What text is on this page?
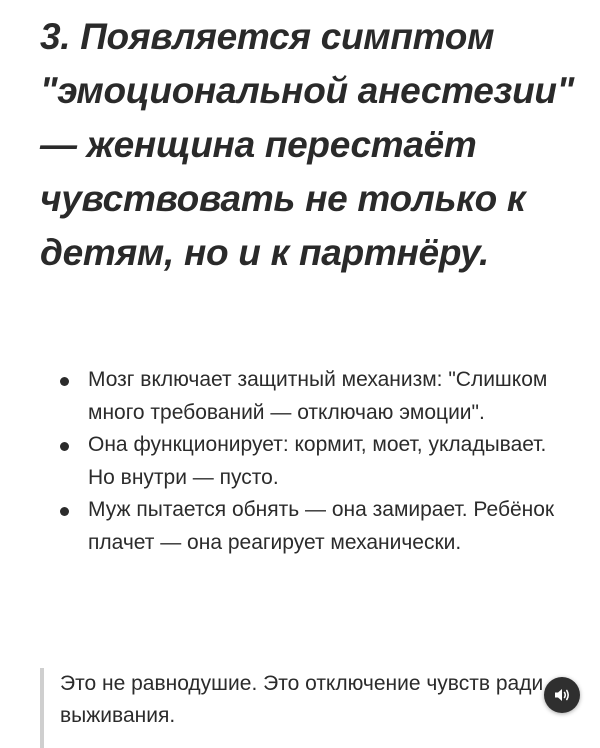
3. Появляется симптом "эмоциональной анестезии" — женщина перестаёт чувствовать не только к детям, но и к партнёру.
Мозг включает защитный механизм: "Слишком много требований — отключаю эмоции".
Она функционирует: кормит, моет, укладывает. Но внутри — пусто.
Муж пытается обнять — она замирает. Ребёнок плачет — она реагирует механически.
Это не равнодушие. Это отключение чувств ради выживания.
